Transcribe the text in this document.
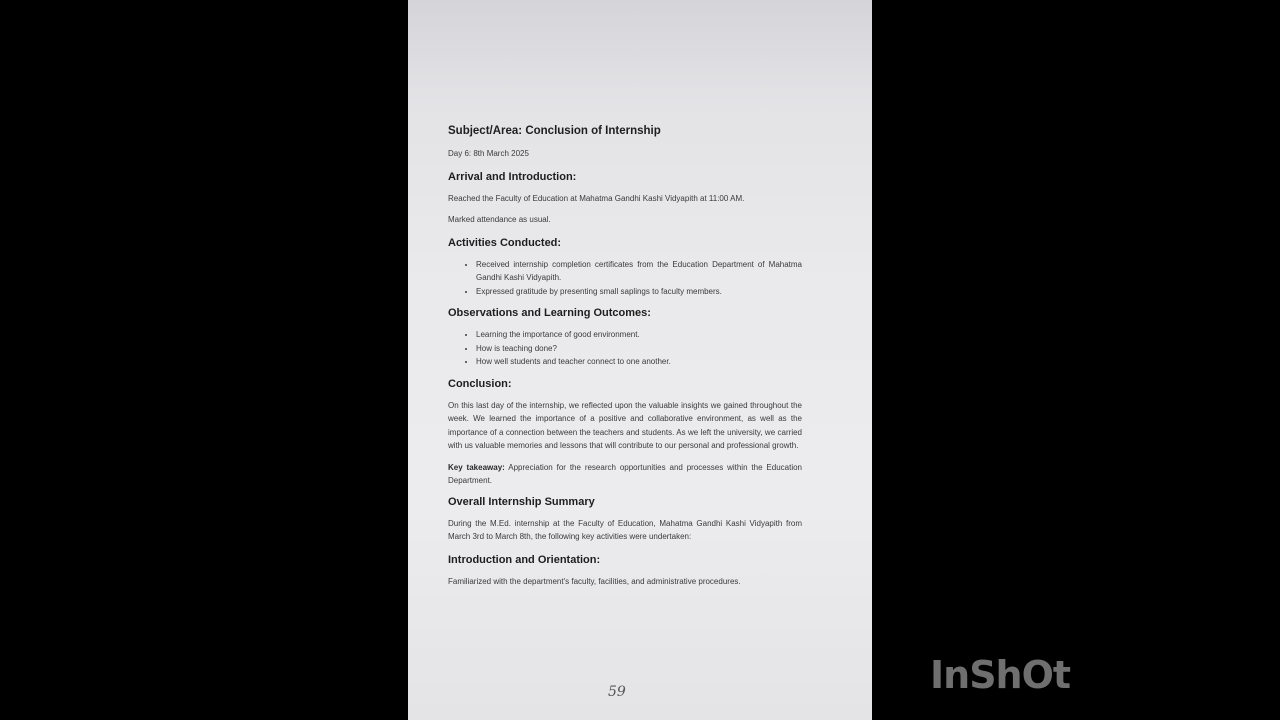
Subject/Area: Conclusion of Internship

Day 6: 8th March 2025

Arrival and Introduction:

Reached the Faculty of Education at Mahatma Gandhi Kashi Vidyapith at 11:00 AM.

Marked attendance as usual.

Activities Conducted:
• Received internship completion certificates from the Education Department of Mahatma Gandhi Kashi Vidyapith.
• Expressed gratitude by presenting small saplings to faculty members.
Observations and Learning Outcomes:
• Learning the importance of good environment.
• How is teaching done?
• How well students and teacher connect to one another.
Conclusion:

On this last day of the internship, we reflected upon the valuable insights we gained throughout the week. We learned the importance of a positive and collaborative environment, as well as the importance of a connection between the teachers and students. As we left the university, we carried with us valuable memories and lessons that will contribute to our personal and professional growth.

Key takeaway: Appreciation for the research opportunities and processes within the Education Department.

Overall Internship Summary

During the M.Ed. internship at the Faculty of Education, Mahatma Gandhi Kashi Vidyapith from March 3rd to March 8th, the following key activities were undertaken:

Introduction and Orientation:

Familiarized with the department's faculty, facilities, and administrative procedures.

59	InShOt
